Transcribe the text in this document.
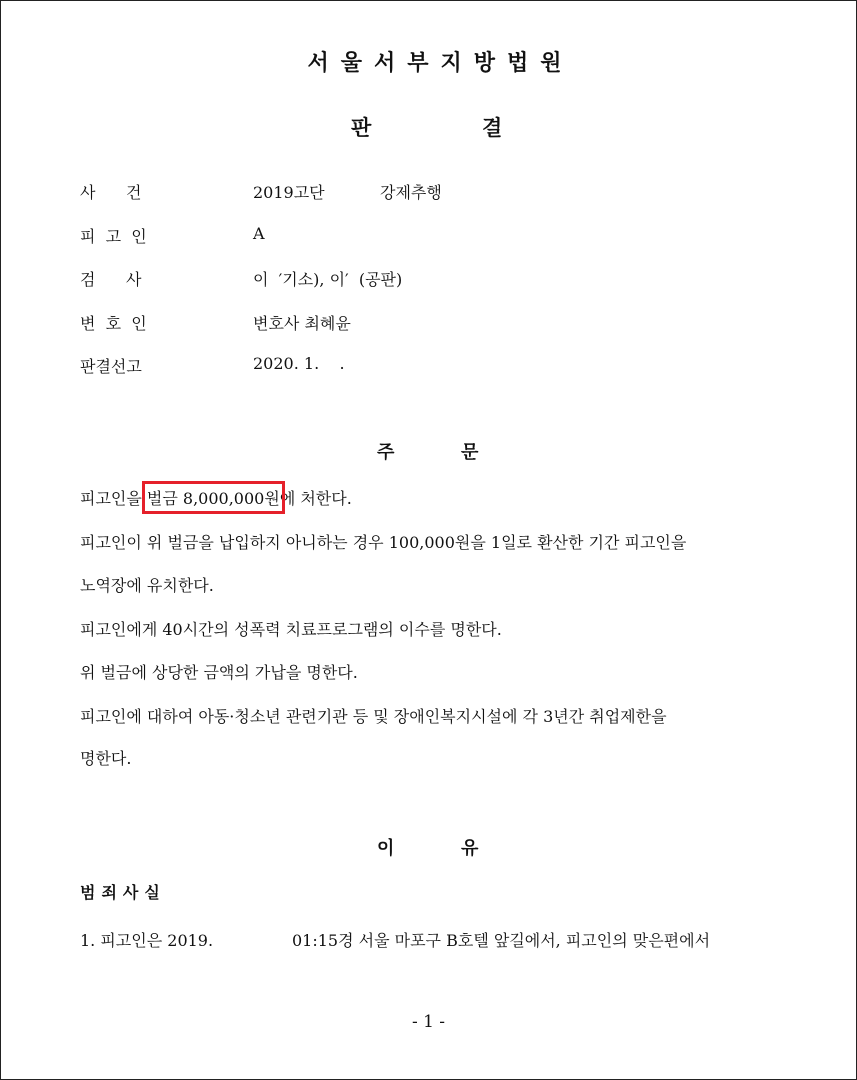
서울서부지방법원
판	결
사      건	2019고단	강제추행
피  고  인	A
검      사	이  ′기소), 이′  (공판)
변  호  인	변호사 최혜윤
판결선고	2020. 1.    .
주	문
피고인을 벌금 8,000,000원에 처한다.
피고인이 위 벌금을 납입하지 아니하는 경우 100,000원을 1일로 환산한 기간 피고인을
노역장에 유치한다.
피고인에게 40시간의 성폭력 치료프로그램의 이수를 명한다.
위 벌금에 상당한 금액의 가납을 명한다.
피고인에 대하여 아동·청소년 관련기관 등 및 장애인복지시설에 각 3년간 취업제한을
명한다.
이	유
범죄사실
1. 피고인은 2019.	01:15경 서울 마포구 B호텔 앞길에서, 피고인의 맞은편에서
- 1 -
